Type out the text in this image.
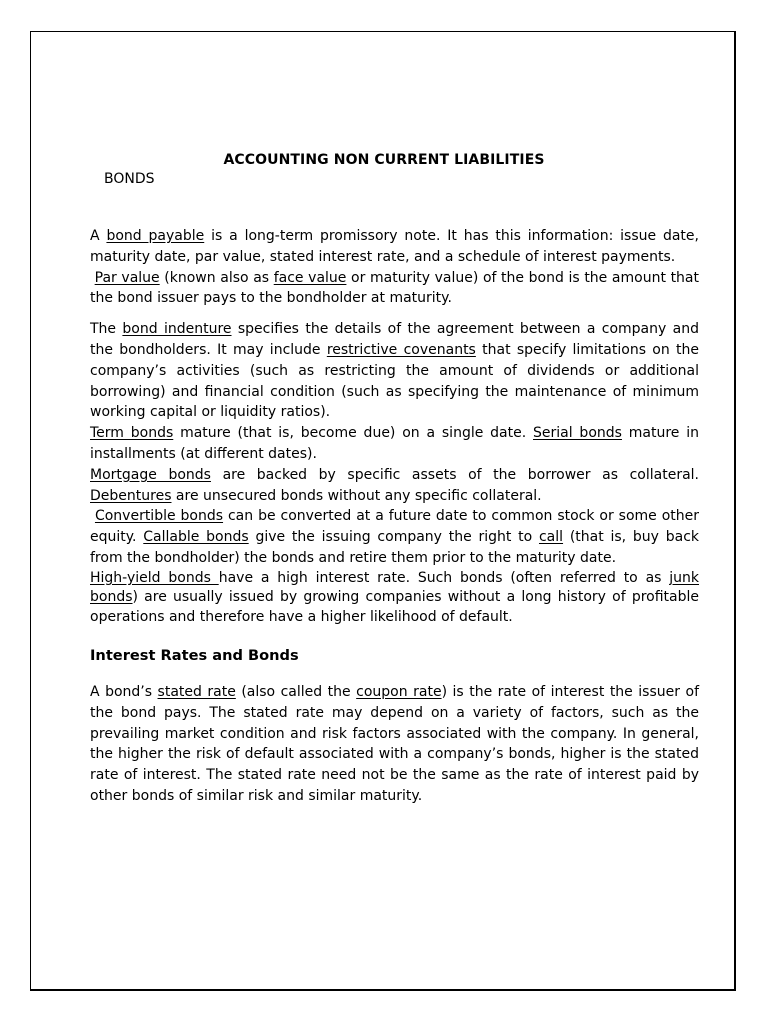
ACCOUNTING NON CURRENT LIABILITIES
BONDS

A bond payable is a long-term promissory note. It has this information: issue date, maturity date, par value, stated interest rate, and a schedule of interest payments.

Par value (known also as face value or maturity value) of the bond is the amount that the bond issuer pays to the bondholder at maturity.

The bond indenture specifies the details of the agreement between a company and the bondholders. It may include restrictive covenants that specify limitations on the company’s activities (such as restricting the amount of dividends or additional borrowing) and financial condition (such as specifying the maintenance of minimum working capital or liquidity ratios).

Term bonds mature (that is, become due) on a single date. Serial bonds mature in installments (at different dates).

Mortgage bonds are backed by specific assets of the borrower as collateral. Debentures are unsecured bonds without any specific collateral.

Convertible bonds can be converted at a future date to common stock or some other equity. Callable bonds give the issuing company the right to call (that is, buy back from the bondholder) the bonds and retire them prior to the maturity date.

High-yield bonds have a high interest rate. Such bonds (often referred to as junk bonds) are usually issued by growing companies without a long history of profitable operations and therefore have a higher likelihood of default.

Interest Rates and Bonds

A bond’s stated rate (also called the coupon rate) is the rate of interest the issuer of the bond pays. The stated rate may depend on a variety of factors, such as the prevailing market condition and risk factors associated with the company. In general, the higher the risk of default associated with a company’s bonds, higher is the stated rate of interest. The stated rate need not be the same as the rate of interest paid by other bonds of similar risk and similar maturity.
